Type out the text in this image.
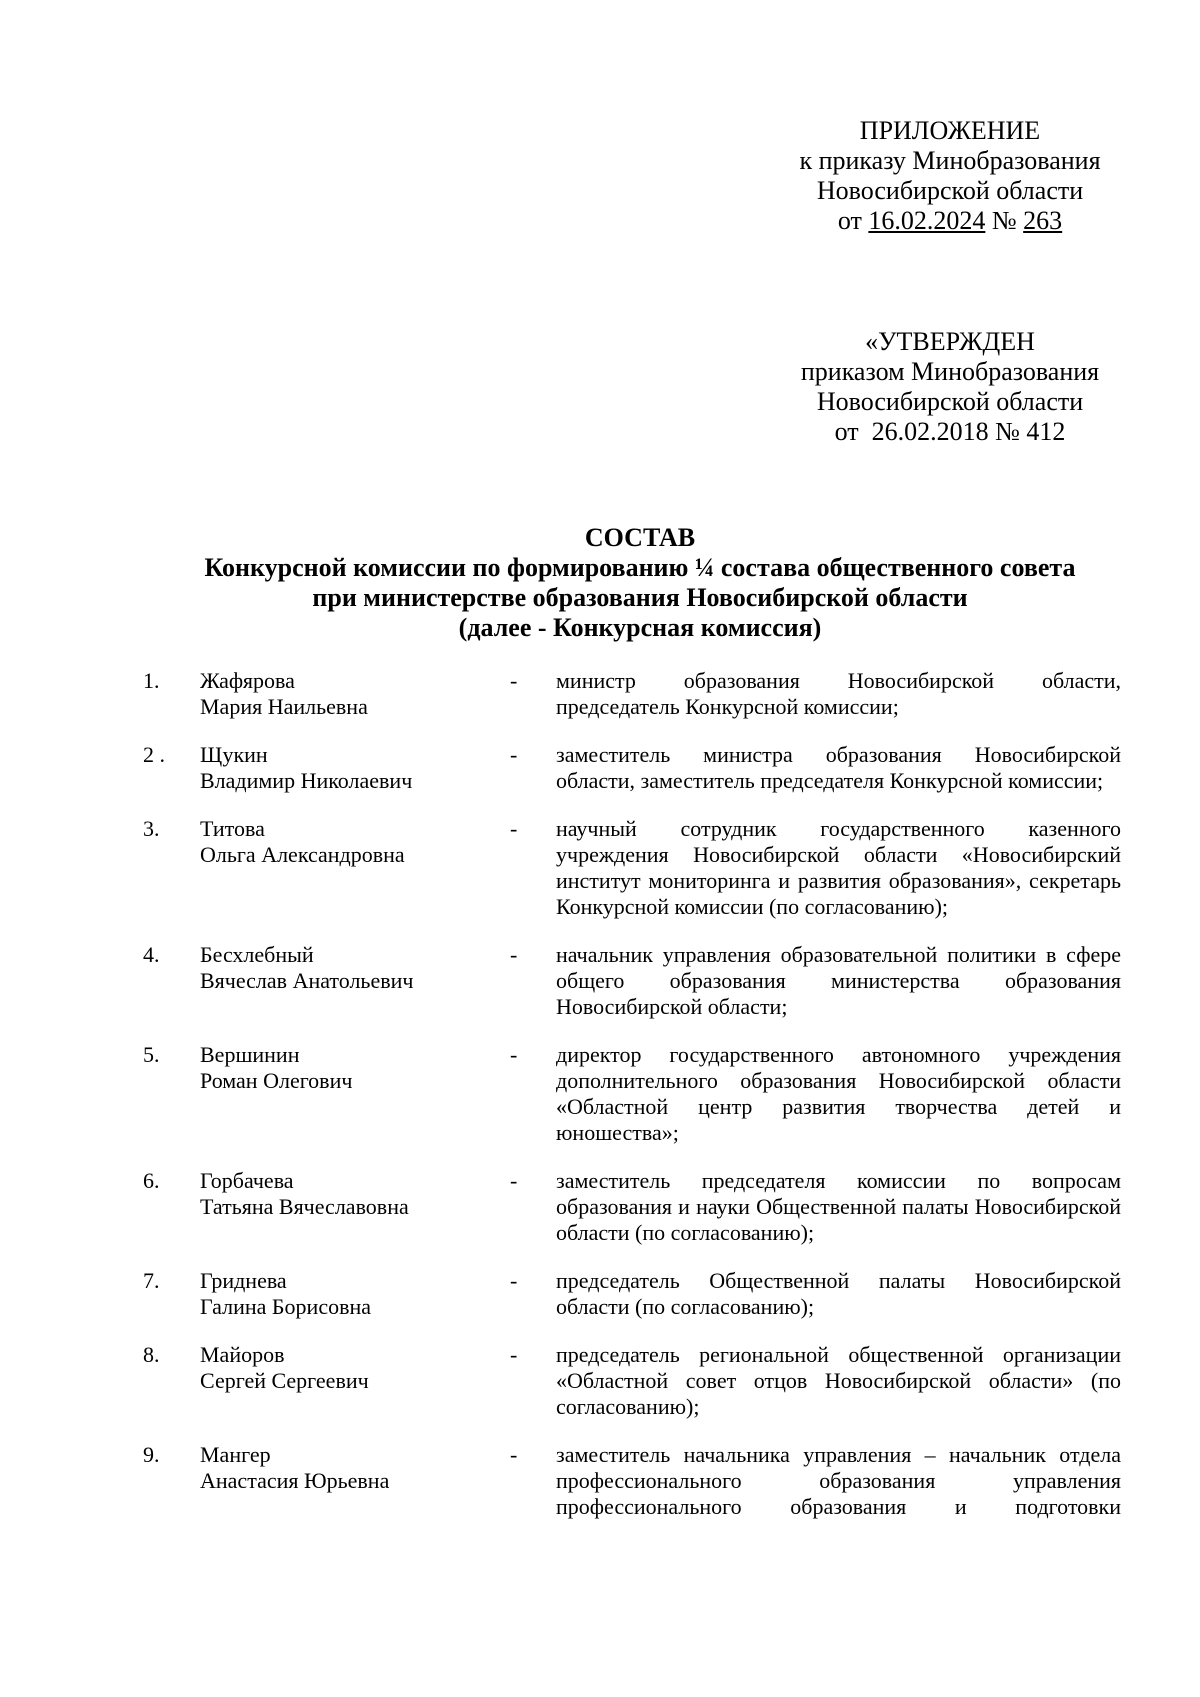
ПРИЛОЖЕНИЕ
к приказу Минобразования
Новосибирской области
от 16.02.2024 № 263
«УТВЕРЖДЕН
приказом Минобразования
Новосибирской области
от  26.02.2018 № 412
СОСТАВ
Конкурсной комиссии по формированию ¼ состава общественного совета
при министерстве образования Новосибирской области
(далее - Конкурсная комиссия)
1. Жафярова
Мария Наильевна
- министр образования Новосибирской области, председатель Конкурсной комиссии;
2 . Щукин
Владимир Николаевич
- заместитель министра образования Новосибирской области, заместитель председателя Конкурсной комиссии;
3. Титова
Ольга Александровна
- научный сотрудник государственного казенного учреждения Новосибирской области «Новосибирский институт мониторинга и развития образования», секретарь Конкурсной комиссии (по согласованию);
4. Бесхлебный
Вячеслав Анатольевич
- начальник управления образовательной политики в сфере общего образования министерства образования Новосибирской области;
5. Вершинин
Роман Олегович
- директор государственного автономного учреждения дополнительного образования Новосибирской области «Областной центр развития творчества детей и юношества»;
6. Горбачева
Татьяна Вячеславовна
- заместитель председателя комиссии по вопросам образования и науки Общественной палаты Новосибирской области (по согласованию);
7. Гриднева
Галина Борисовна
- председатель Общественной палаты Новосибирской области (по согласованию);
8. Майоров
Сергей Сергеевич
- председатель региональной общественной организации «Областной совет отцов Новосибирской области» (по согласованию);
9. Мангер
Анастасия Юрьевна
- заместитель начальника управления – начальник отдела профессионального образования управления профессионального образования и подготовки
